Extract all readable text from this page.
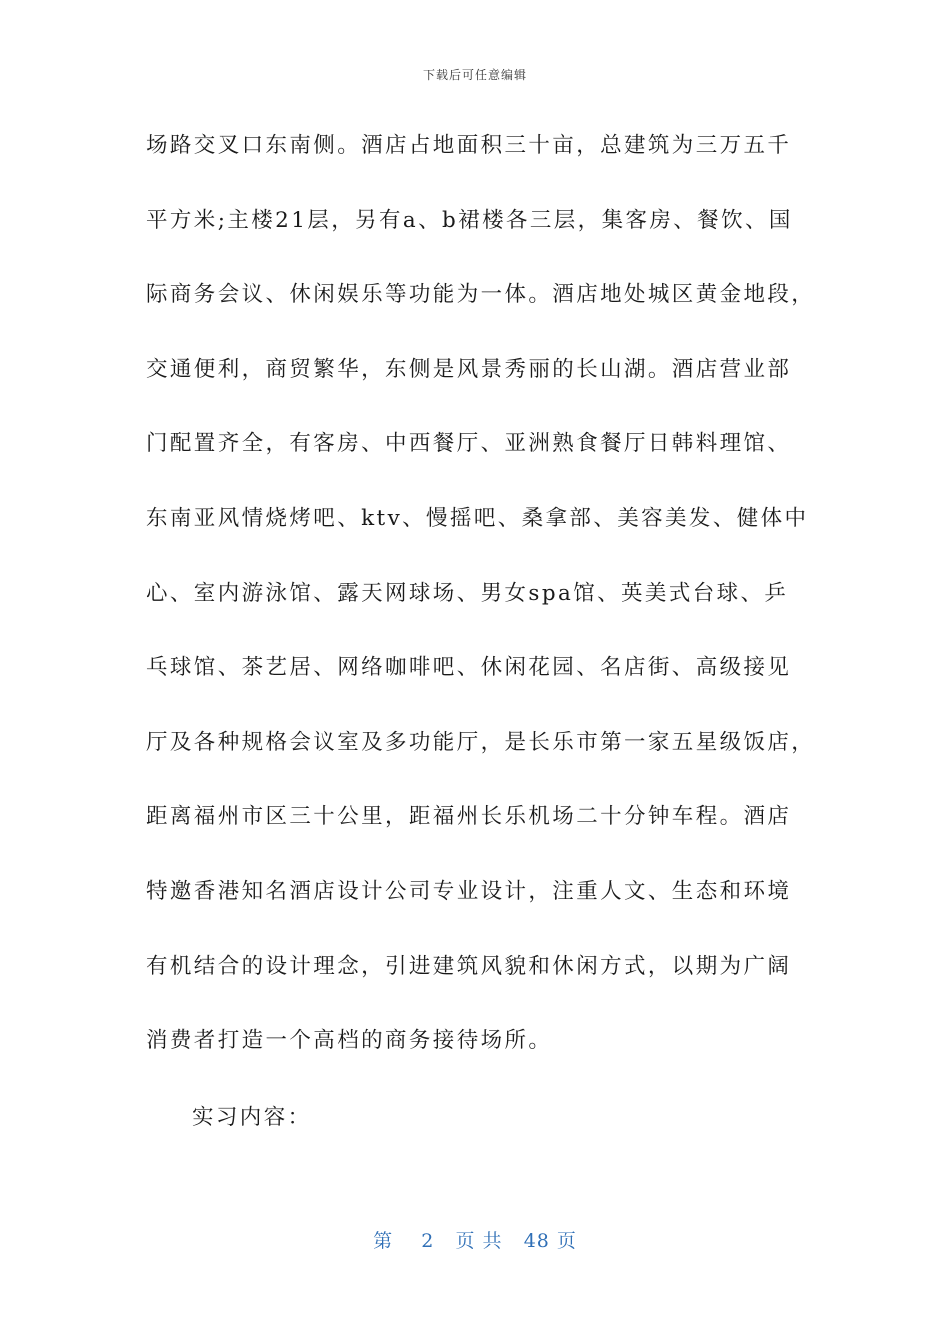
下载后可任意编辑
场路交叉口东南侧。酒店占地面积三十亩，总建筑为三万五千
平方米;主楼21层，另有a、b裙楼各三层，集客房、餐饮、国
际商务会议、休闲娱乐等功能为一体。酒店地处城区黄金地段，
交通便利，商贸繁华，东侧是风景秀丽的长山湖。酒店营业部
门配置齐全，有客房、中西餐厅、亚洲熟食餐厅日韩料理馆、
东南亚风情烧烤吧、ktv、慢摇吧、桑拿部、美容美发、健体中
心、室内游泳馆、露天网球场、男女spa馆、英美式台球、乒
乓球馆、茶艺居、网络咖啡吧、休闲花园、名店街、高级接见
厅及各种规格会议室及多功能厅，是长乐市第一家五星级饭店，
距离福州市区三十公里，距福州长乐机场二十分钟车程。酒店
特邀香港知名酒店设计公司专业设计，注重人文、生态和环境
有机结合的设计理念，引进建筑风貌和休闲方式，以期为广阔
消费者打造一个高档的商务接待场所。
实习内容：
第 2 页 共 48 页
